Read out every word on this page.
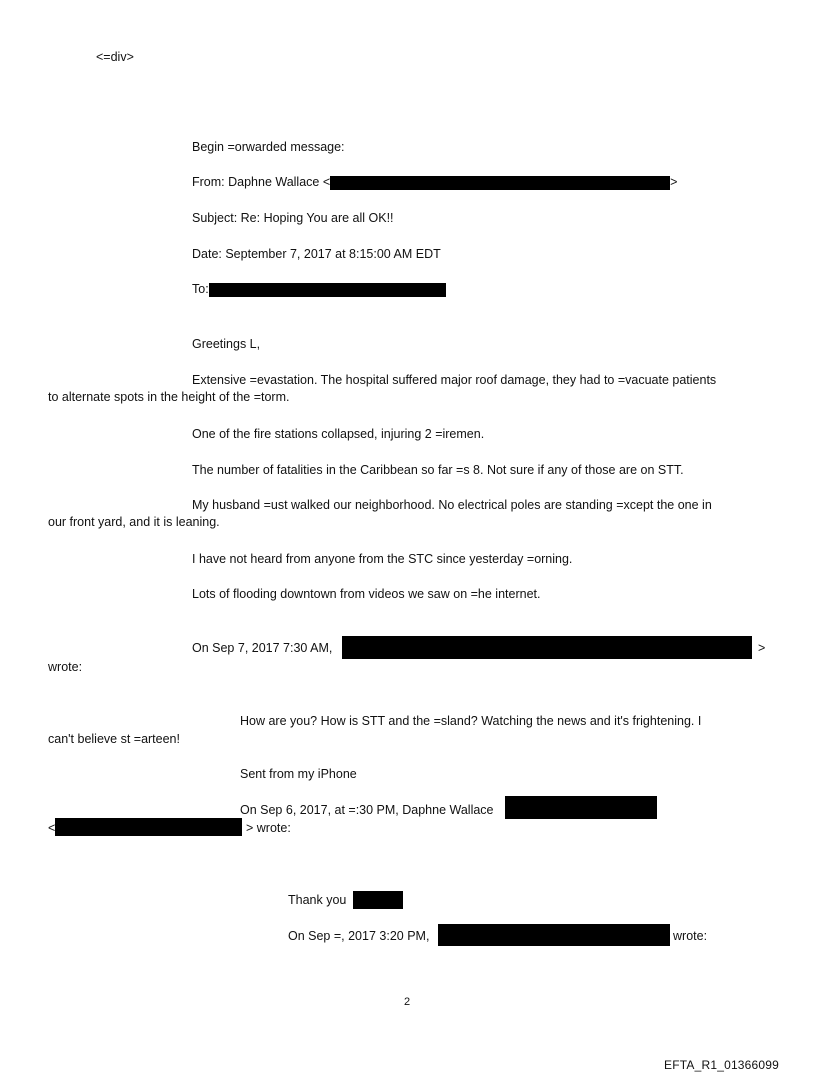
<=div>
Begin =orwarded message:
From: Daphne Wallace <	>
Subject: Re: Hoping You are all OK!!
Date: September 7, 2017 at 8:15:00 AM EDT
To:
Greetings L,
Extensive =evastation. The hospital suffered major roof damage, they had to =vacuate patients
to alternate spots in the height of the =torm.
One of the fire stations collapsed, injuring 2 =iremen.
The number of fatalities in the Caribbean so far =s 8. Not sure if any of those are on STT.
My husband =ust walked our neighborhood. No electrical poles are standing =xcept the one in
our front yard, and it is leaning.
I have not heard from anyone from the STC since yesterday =orning.
Lots of flooding downtown from videos we saw on =he internet.
On Sep 7, 2017 7:30 AM,	>
wrote:
How are you? How is STT and the =sland? Watching the news and it's frightening. I
can't believe st =arteen!
Sent from my iPhone
On Sep 6, 2017, at =:30 PM, Daphne Wallace
<	> wrote:
Thank you
On Sep =, 2017 3:20 PM,	wrote:
2
EFTA_R1_01366099
